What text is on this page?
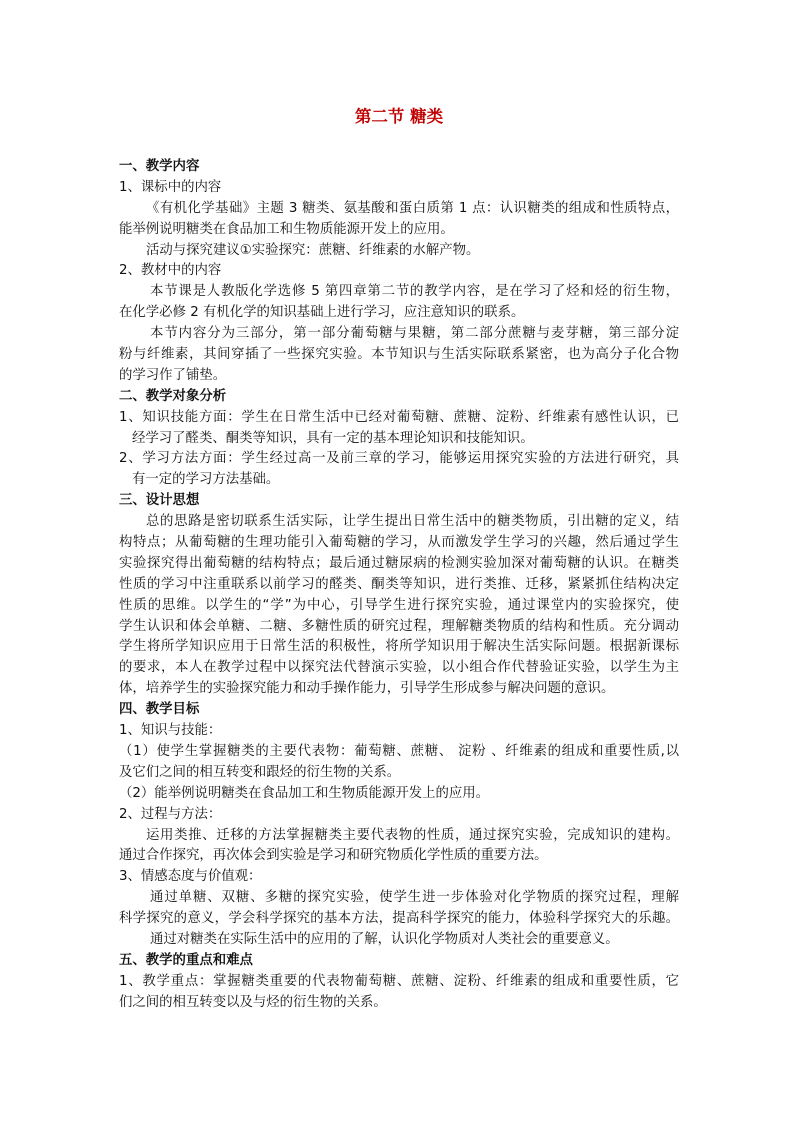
第二节 糖类
一、教学内容
1、课标中的内容
《有机化学基础》主题 3 糖类、氨基酸和蛋白质第 1 点：认识糖类的组成和性质特点，
能举例说明糖类在食品加工和生物质能源开发上的应用。
活动与探究建议①实验探究：蔗糖、纤维素的水解产物。
2、教材中的内容
本节课是人教版化学选修 5 第四章第二节的教学内容，是在学习了烃和烃的衍生物，
在化学必修 2 有机化学的知识基础上进行学习，应注意知识的联系。
本节内容分为三部分，第一部分葡萄糖与果糖，第二部分蔗糖与麦芽糖，第三部分淀
粉与纤维素，其间穿插了一些探究实验。本节知识与生活实际联系紧密，也为高分子化合物
的学习作了铺垫。
二、教学对象分析
1、知识技能方面：学生在日常生活中已经对葡萄糖、蔗糖、淀粉、纤维素有感性认识，已
经学习了醛类、酮类等知识，具有一定的基本理论知识和技能知识。
2、学习方法方面：学生经过高一及前三章的学习，能够运用探究实验的方法进行研究，具
有一定的学习方法基础。
三、设计思想
总的思路是密切联系生活实际，让学生提出日常生活中的糖类物质，引出糖的定义，结
构特点；从葡萄糖的生理功能引入葡萄糖的学习，从而激发学生学习的兴趣，然后通过学生
实验探究得出葡萄糖的结构特点；最后通过糖尿病的检测实验加深对葡萄糖的认识。在糖类
性质的学习中注重联系以前学习的醛类、酮类等知识，进行类推、迁移，紧紧抓住结构决定
性质的思维。以学生的“学”为中心，引导学生进行探究实验，通过课堂内的实验探究，使
学生认识和体会单糖、二糖、多糖性质的研究过程，理解糖类物质的结构和性质。充分调动
学生将所学知识应用于日常生活的积极性，将所学知识用于解决生活实际问题。根据新课标
的要求，本人在教学过程中以探究法代替演示实验，以小组合作代替验证实验，以学生为主
体，培养学生的实验探究能力和动手操作能力，引导学生形成参与解决问题的意识。
四、教学目标
1、知识与技能：
（1）使学生掌握糖类的主要代表物：葡萄糖、蔗糖、 淀粉 、纤维素的组成和重要性质,以
及它们之间的相互转变和跟烃的衍生物的关系。
（2）能举例说明糖类在食品加工和生物质能源开发上的应用。
2、过程与方法：
运用类推、迁移的方法掌握糖类主要代表物的性质，通过探究实验，完成知识的建构。
通过合作探究，再次体会到实验是学习和研究物质化学性质的重要方法。
3、情感态度与价值观：
通过单糖、双糖、多糖的探究实验，使学生进一步体验对化学物质的探究过程，理解
科学探究的意义，学会科学探究的基本方法，提高科学探究的能力，体验科学探究大的乐趣。
通过对糖类在实际生活中的应用的了解，认识化学物质对人类社会的重要意义。
五、教学的重点和难点
1、教学重点：掌握糖类重要的代表物葡萄糖、蔗糖、淀粉、纤维素的组成和重要性质，它
们之间的相互转变以及与烃的衍生物的关系。
